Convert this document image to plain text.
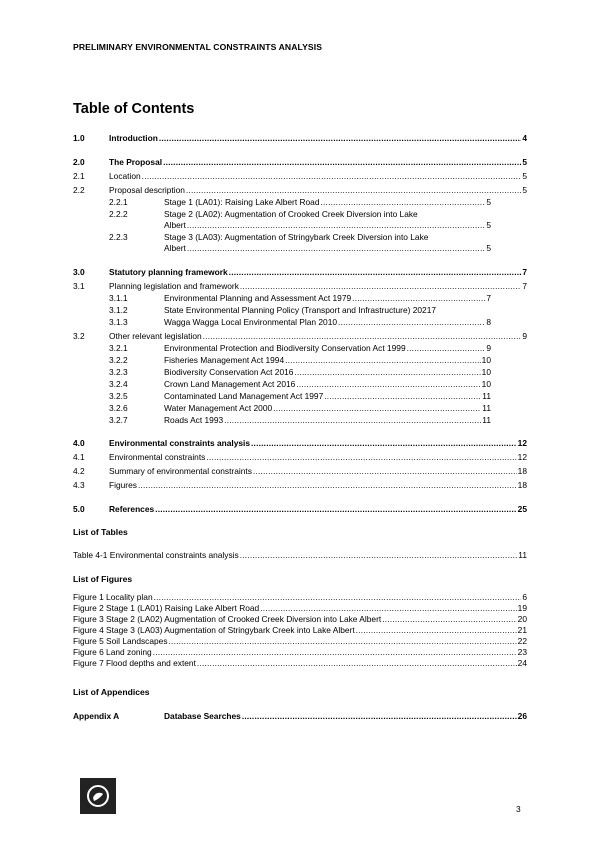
PRELIMINARY ENVIRONMENTAL CONSTRAINTS ANALYSIS
Table of Contents
1.0	Introduction .....	4
2.0	The Proposal .....	5
2.1	Location .....	5
2.2	Proposal description .....	5
2.2.1	Stage 1 (LA01): Raising Lake Albert Road .....	5
2.2.2	Stage 2 (LA02): Augmentation of Crooked Creek Diversion into Lake
Albert .....	5
2.2.3	Stage 3 (LA03): Augmentation of Stringybark Creek Diversion into Lake
Albert .....	5
3.0	Statutory planning framework .....	7
3.1	Planning legislation and framework .....	7
3.1.1	Environmental Planning and Assessment Act 1979 .....	7
3.1.2	State Environmental Planning Policy (Transport and Infrastructure) 2021 7
3.1.3	Wagga Wagga Local Environmental Plan 2010 .....	8
3.2	Other relevant legislation .....	9
3.2.1	Environmental Protection and Biodiversity Conservation Act 1999 .....	9
3.2.2	Fisheries Management Act 1994 .....	10
3.2.3	Biodiversity Conservation Act 2016 .....	10
3.2.4	Crown Land Management Act 2016 .....	10
3.2.5	Contaminated Land Management Act 1997 .....	11
3.2.6	Water Management Act 2000 .....	11
3.2.7	Roads Act 1993 .....	11
4.0	Environmental constraints analysis .....	12
4.1	Environmental constraints .....	12
4.2	Summary of environmental constraints .....	18
4.3	Figures .....	18
5.0	References .....	25
List of Tables
Table 4-1 Environmental constraints analysis .....	11
List of Figures
Figure 1 Locality plan .....	6
Figure 2 Stage 1 (LA01) Raising Lake Albert Road .....	19
Figure 3 Stage 2 (LA02) Augmentation of Crooked Creek Diversion into Lake Albert .....	20
Figure 4 Stage 3 (LA03) Augmentation of Stringybark Creek into Lake Albert .....	21
Figure 5 Soil Landscapes .....	22
Figure 6 Land zoning .....	23
Figure 7 Flood depths and extent .....	24
List of Appendices
Appendix A	Database Searches .....	26
3
